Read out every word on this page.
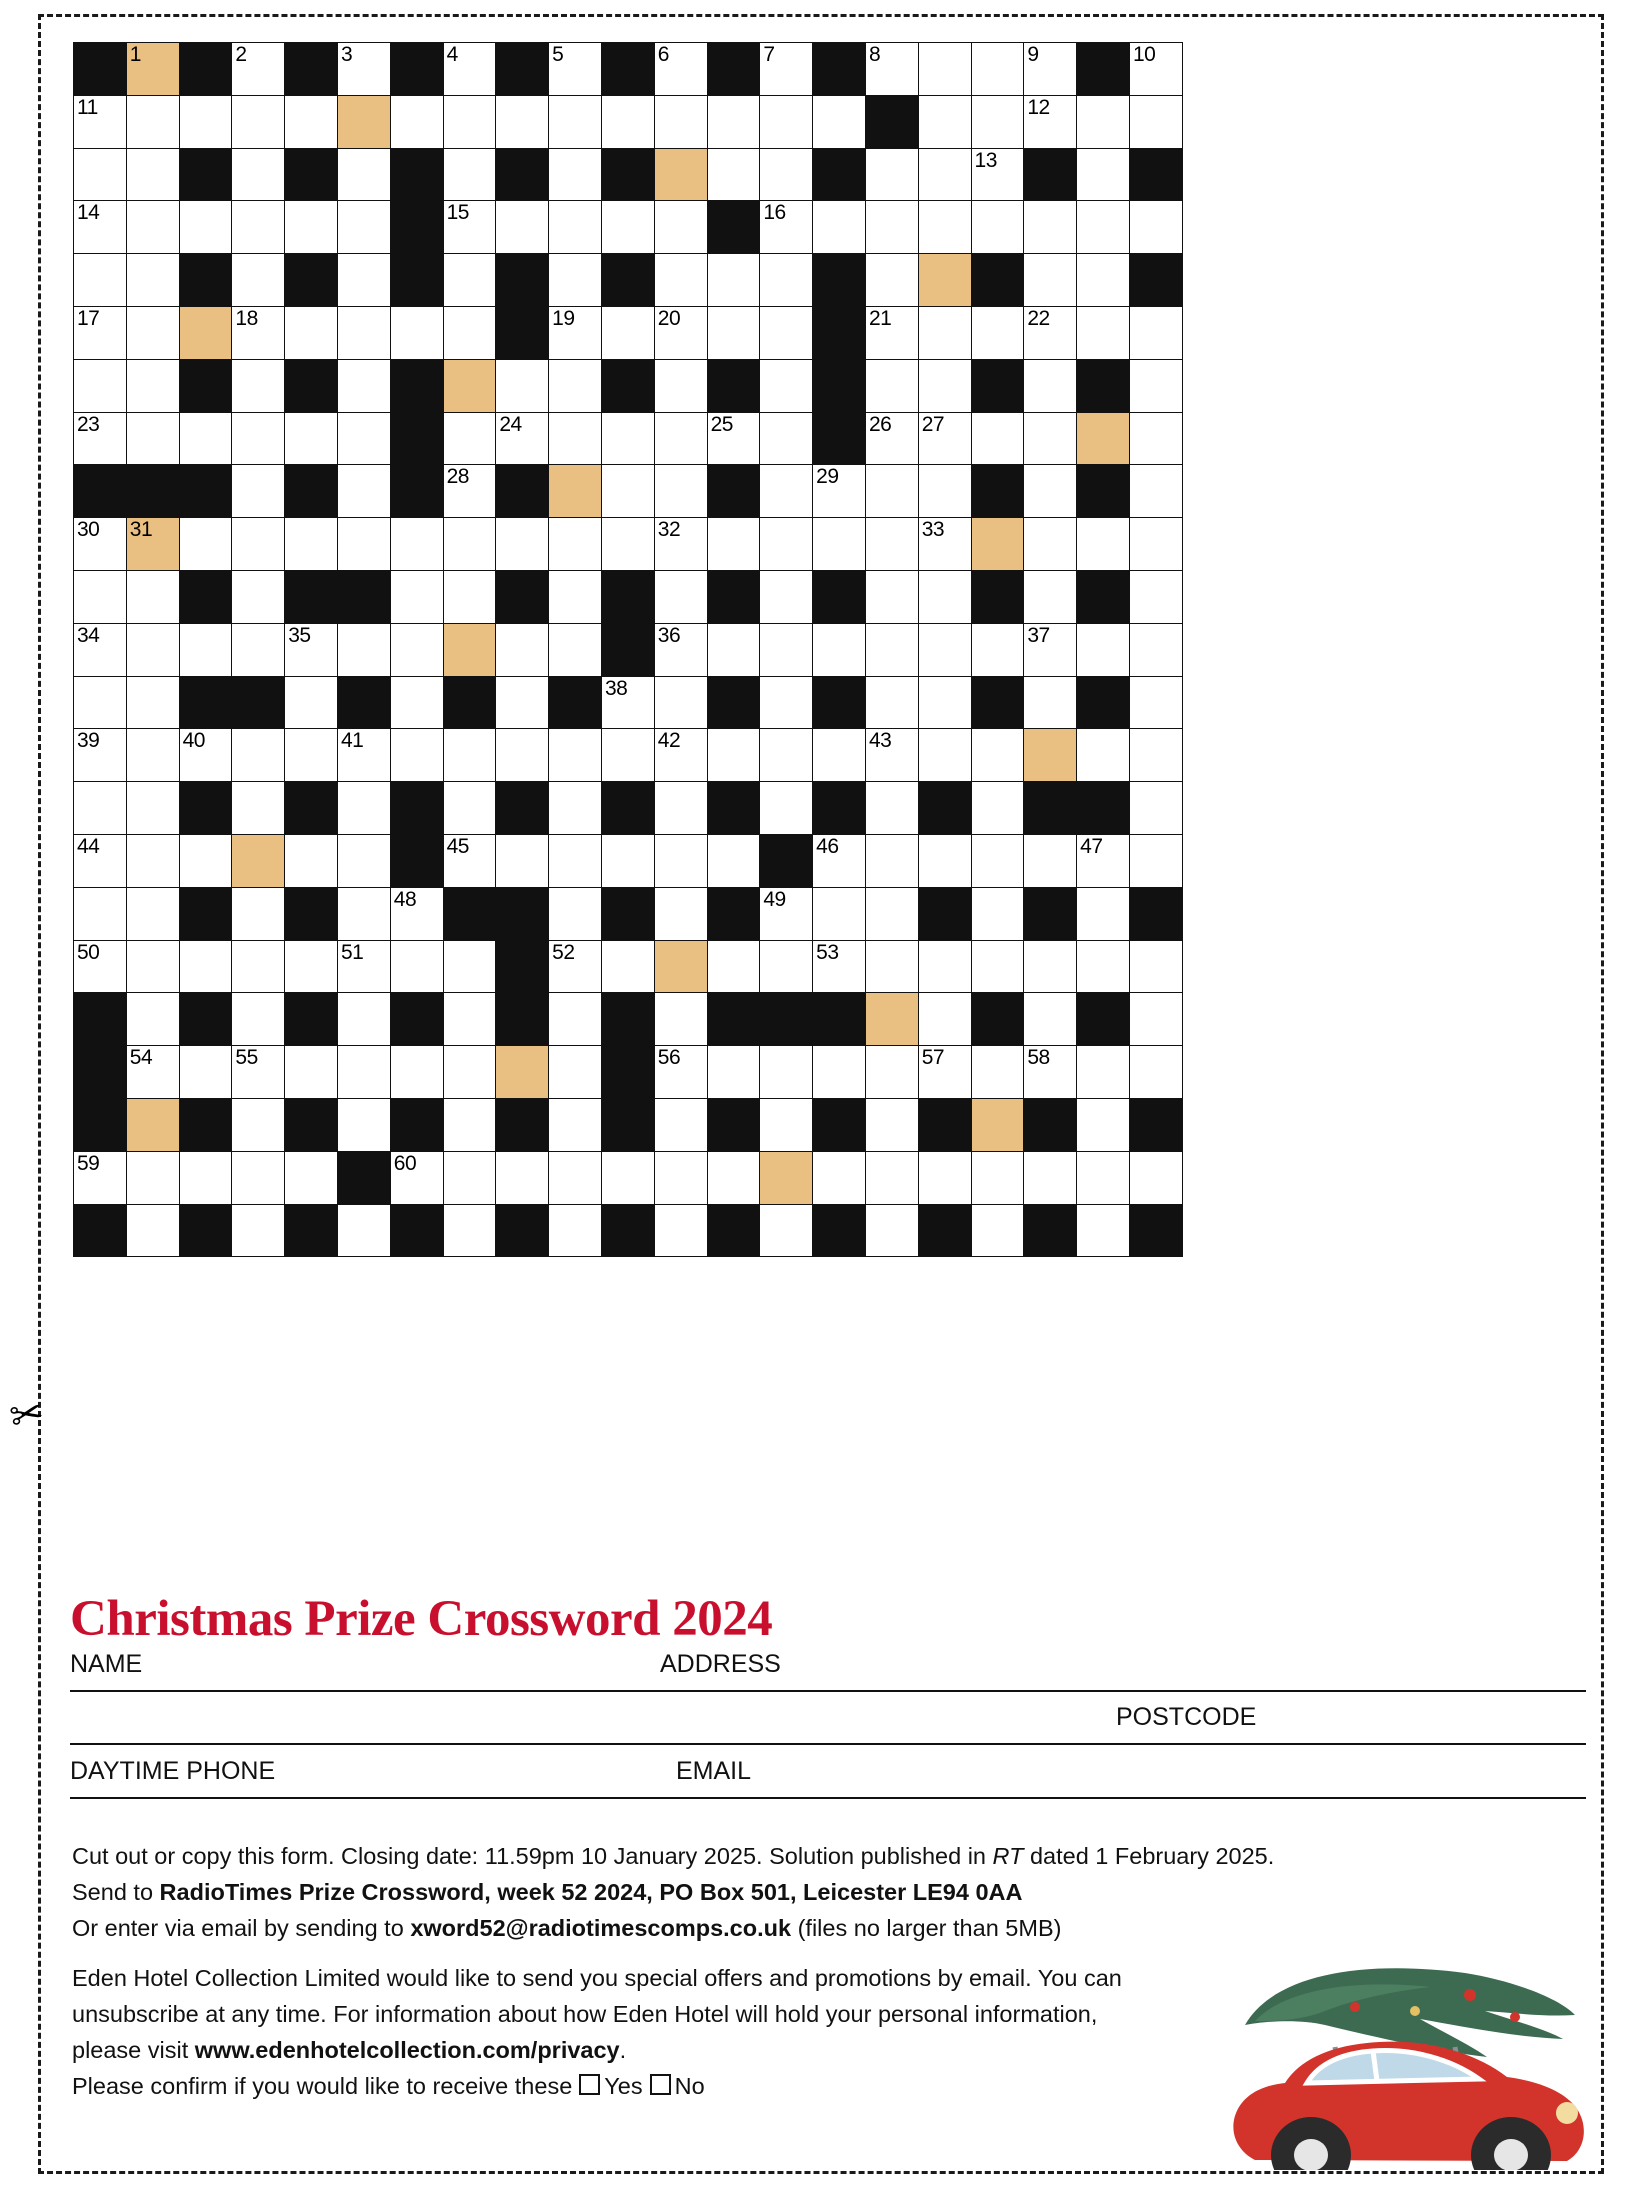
✂

	1		2		3		4		5		6		7		8			9		10

11																		12		

																	13			

14							15						16							

17			18						19		20				21			22		

23								24				25			26	27				

							28							29						

30	31										32					33				

34				35							36							37		

										38										

39		40			41						42				43					

44							45							46					47	

						48							49							

50					51				52					53						

	54		55								56					57		58		

59						60														

Christmas Prize Crossword 2024
NAME	ADDRESS
POSTCODE
DAYTIME PHONE	EMAIL
Cut out or copy this form. Closing date: 11.59pm 10 January 2025. Solution published in RT dated 1 February 2025.
Send to RadioTimes Prize Crossword, week 52 2024, PO Box 501, Leicester LE94 0AA
Or enter via email by sending to xword52@radiotimescomps.co.uk (files no larger than 5MB)
Eden Hotel Collection Limited would like to send you special offers and promotions by email. You can unsubscribe at any time. For information about how Eden Hotel will hold your personal information, please visit www.edenhotelcollection.com/privacy.
Please confirm if you would like to receive these Yes No
